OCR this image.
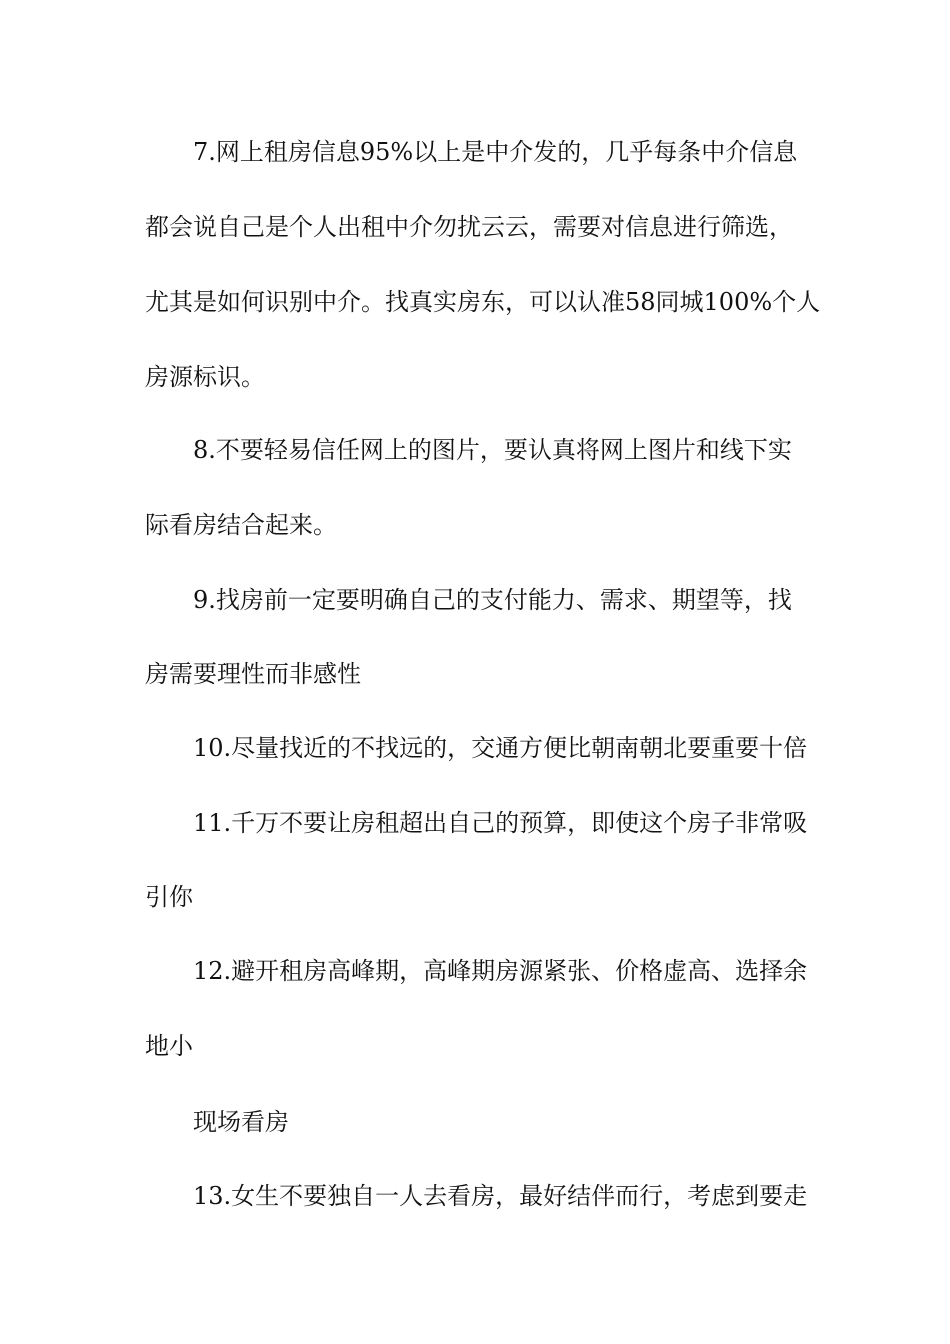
7.网上租房信息95%以上是中介发的，几乎每条中介信息
都会说自己是个人出租中介勿扰云云，需要对信息进行筛选，
尤其是如何识别中介。找真实房东，可以认准58同城100%个人
房源标识。
8.不要轻易信任网上的图片，要认真将网上图片和线下实
际看房结合起来。
9.找房前一定要明确自己的支付能力、需求、期望等，找
房需要理性而非感性
10.尽量找近的不找远的，交通方便比朝南朝北要重要十倍
11.千万不要让房租超出自己的预算，即使这个房子非常吸
引你
12.避开租房高峰期，高峰期房源紧张、价格虚高、选择余
地小
现场看房
13.女生不要独自一人去看房，最好结伴而行，考虑到要走
